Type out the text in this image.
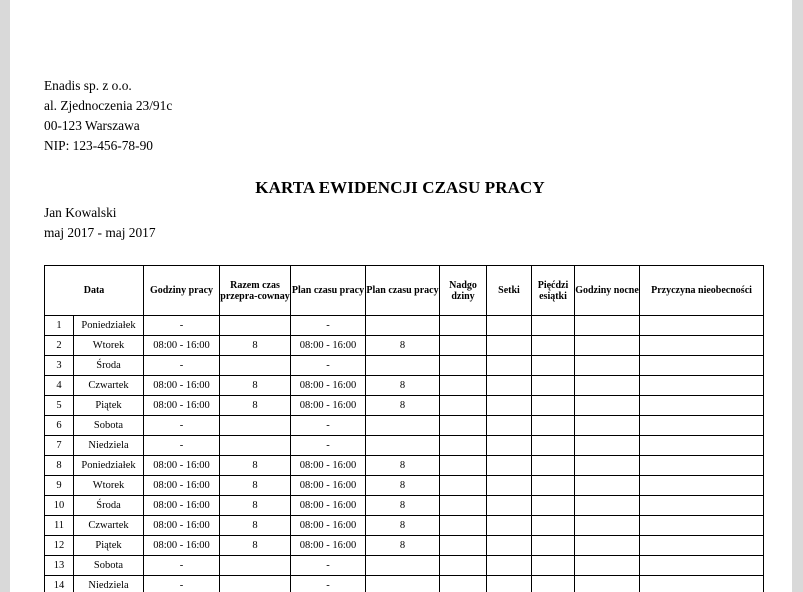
Enadis sp. z o.o.
al. Zjednoczenia 23/91c
00-123 Warszawa
NIP: 123-456-78-90
KARTA EWIDENCJI CZASU PRACY
Jan Kowalski
maj 2017 - maj 2017
Data		Godziny pracy	Razem czas przepra-cownay	Plan czasu pracy	Plan czasu pracy	Nadgo dziny	Setki	Pięćdzi esiątki	Godziny nocne	Przyczyna nieobecności
1	Poniedziałek	-		-						
2	Wtorek	08:00 - 16:00	8	08:00 - 16:00	8					
3	Środa	-		-						
4	Czwartek	08:00 - 16:00	8	08:00 - 16:00	8					
5	Piątek	08:00 - 16:00	8	08:00 - 16:00	8					
6	Sobota	-		-						
7	Niedziela	-		-						
8	Poniedziałek	08:00 - 16:00	8	08:00 - 16:00	8					
9	Wtorek	08:00 - 16:00	8	08:00 - 16:00	8					
10	Środa	08:00 - 16:00	8	08:00 - 16:00	8					
11	Czwartek	08:00 - 16:00	8	08:00 - 16:00	8					
12	Piątek	08:00 - 16:00	8	08:00 - 16:00	8					
13	Sobota	-		-						
14	Niedziela	-		-						
